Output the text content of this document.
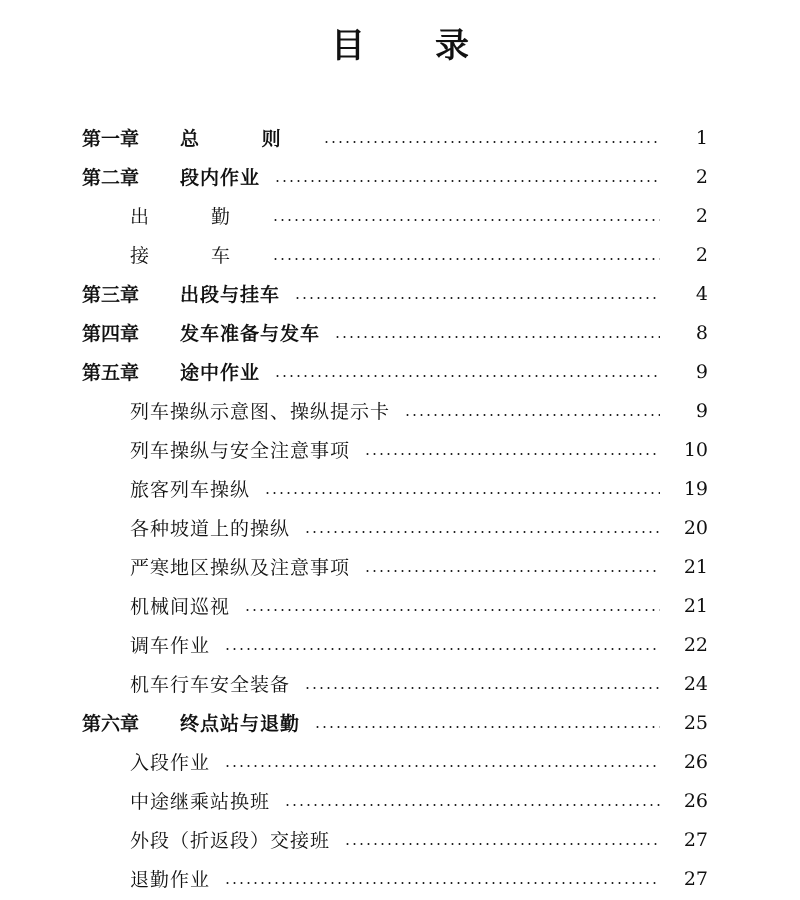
目录
第一章	总 则	1
第二章	段内作业	2
出 勤	2
接 车	2
第三章	出段与挂车	4
第四章	发车准备与发车	8
第五章	途中作业	9
列车操纵示意图、操纵提示卡	9
列车操纵与安全注意事项	10
旅客列车操纵	19
各种坡道上的操纵	20
严寒地区操纵及注意事项	21
机械间巡视	21
调车作业	22
机车行车安全装备	24
第六章	终点站与退勤	25
入段作业	26
中途继乘站换班	26
外段（折返段）交接班	27
退勤作业	27
